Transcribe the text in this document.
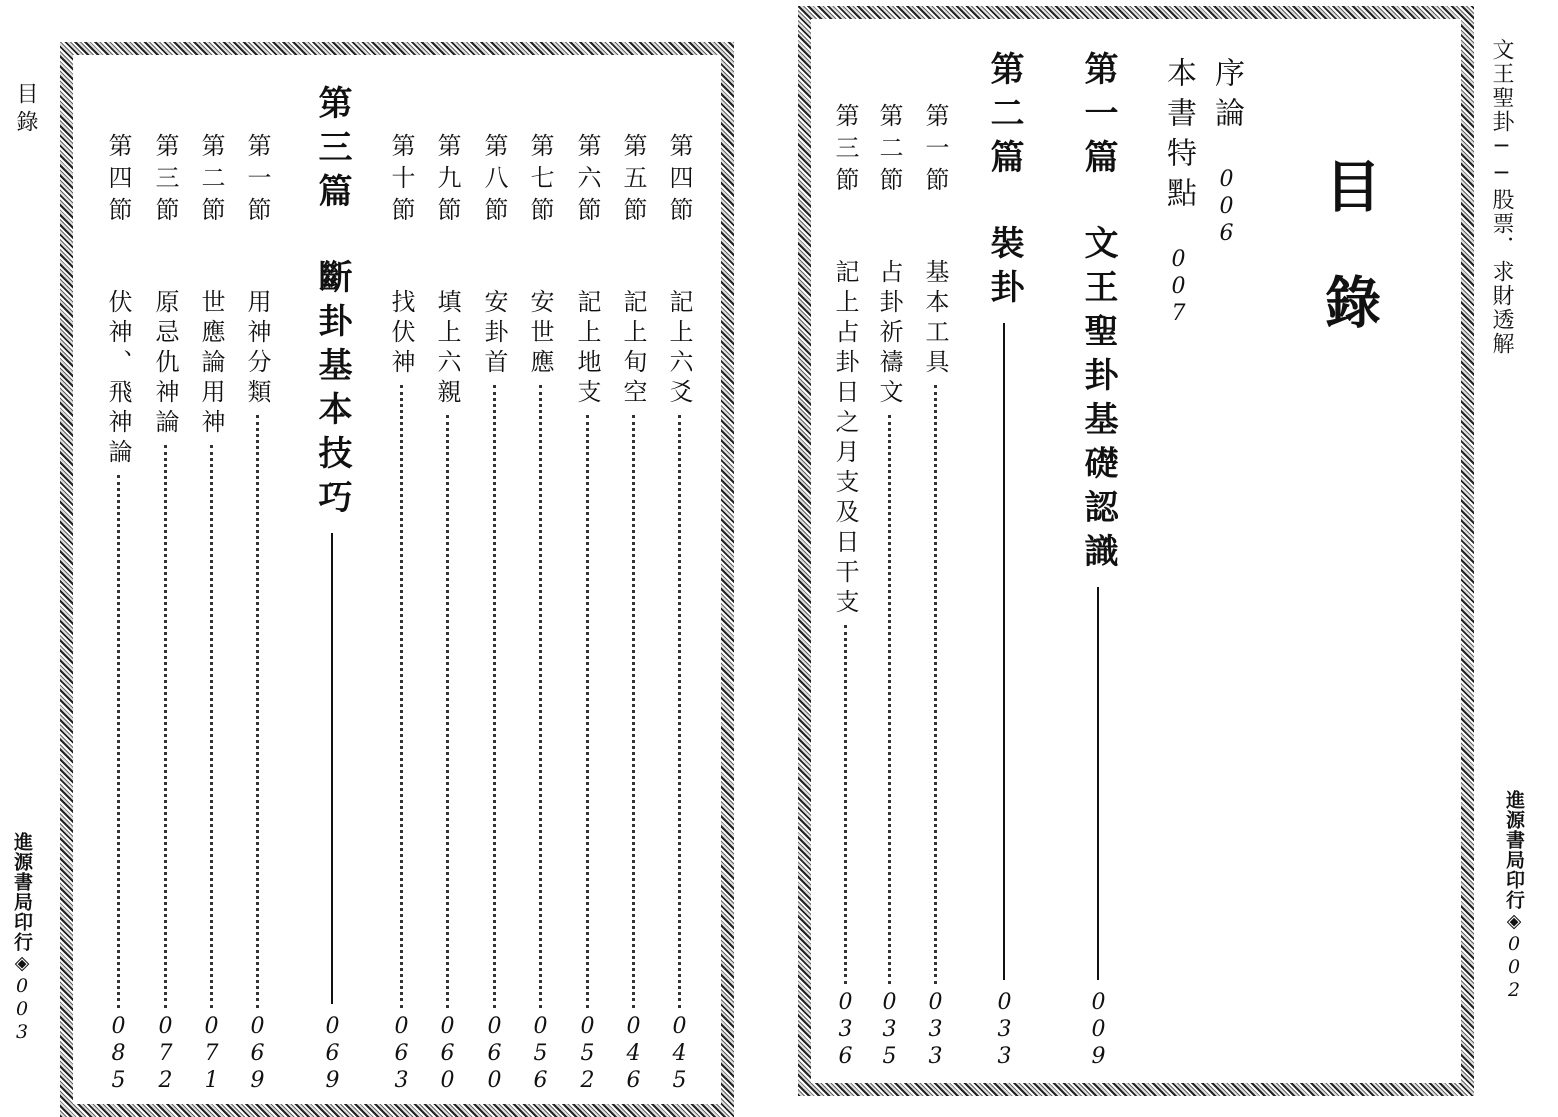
目錄
進源書局印行◈003
第四節
記上六爻
045
第五節
記上旬空
046
第六節
記上地支
052
第七節
安世應
056
第八節
安卦首
060
第九節
填上六親
060
第十節
找伏神
063
第三篇
斷卦基本技巧
069
第一節
用神分類
069
第二節
世應論用神
071
第三節
原忌仇神論
072
第四節
伏神、飛神論
085
目錄
序論006
本書特點007
第一篇
文王聖卦基礎認識
009
第二篇
裝卦
033
第一節
基本工具
033
第二節
占卦祈禱文
035
第三節
記上占卦日之月支及日干支
036
文王聖卦──股票．求財透解
進源書局印行◈002
